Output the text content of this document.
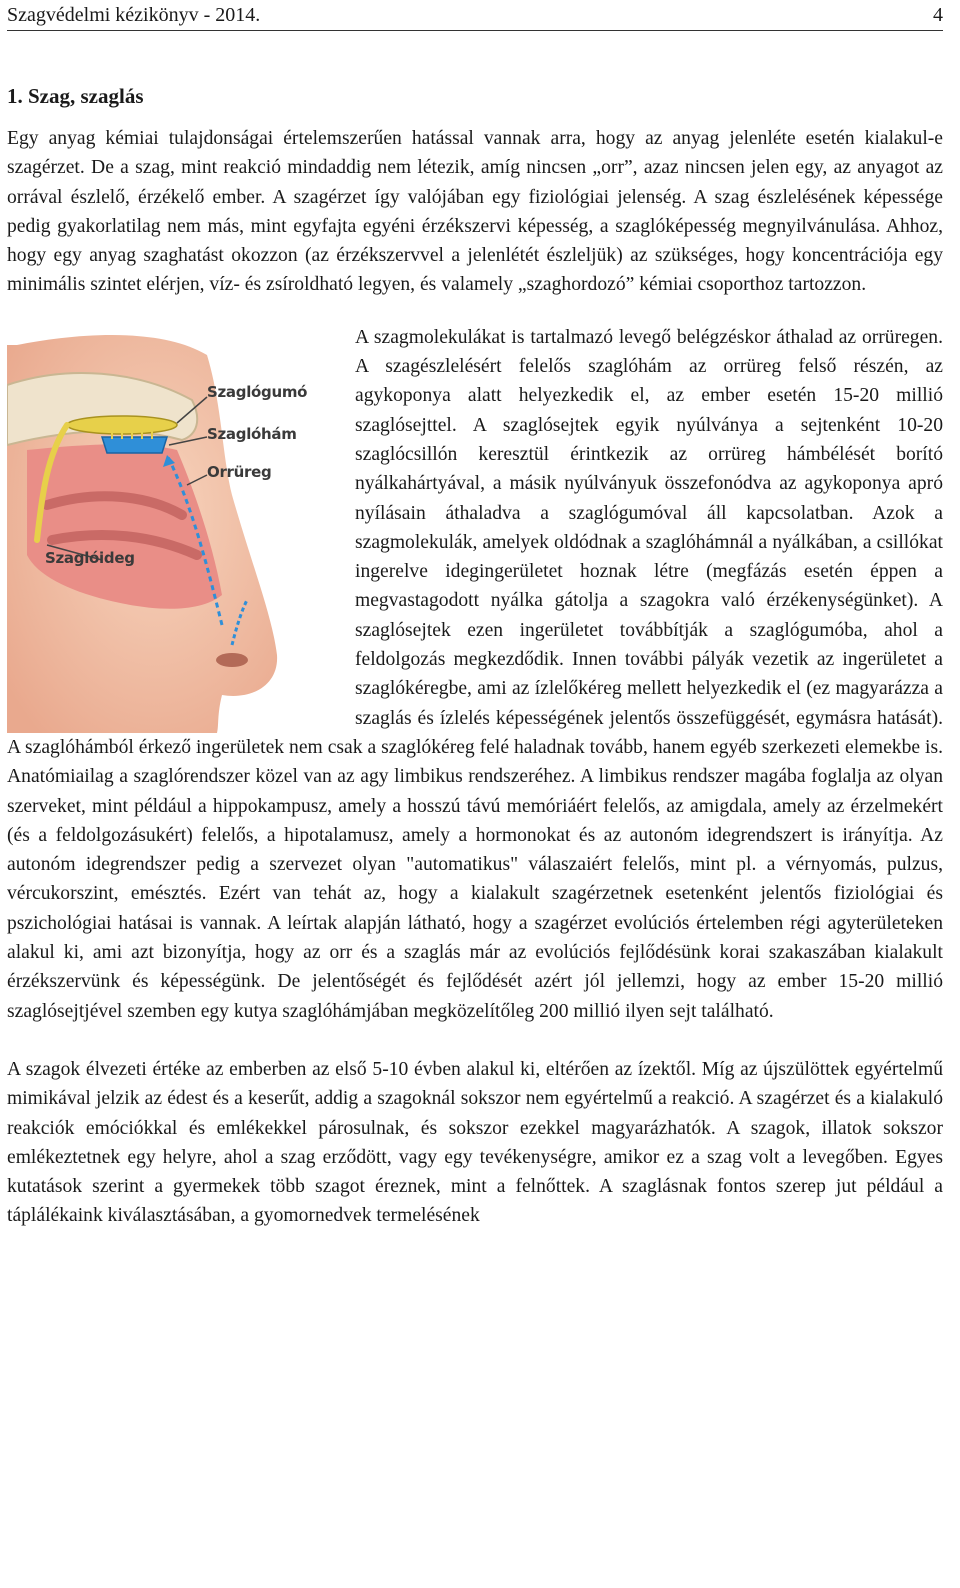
Szagvédelmi kézikönyv - 2014.	4
1. Szag, szaglás

Egy anyag kémiai tulajdonságai értelemszerűen hatással vannak arra, hogy az anyag jelenléte esetén kialakul-e szagérzet. De a szag, mint reakció mindaddig nem létezik, amíg nincsen „orr”, azaz nincsen jelen egy, az anyagot az orrával észlelő, érzékelő ember. A szagérzet így valójában egy fiziológiai jelenség. A szag észlelésének képessége pedig gyakorlatilag nem más, mint egyfajta egyéni érzékszervi képesség, a szaglóképesség megnyilvánulása. Ahhoz, hogy egy anyag szaghatást okozzon (az érzékszervvel a jelenlétét észleljük) az szükséges, hogy koncentrációja egy minimális szintet elérjen, víz- és zsíroldható legyen, és valamely „szaghordozó” kémiai csoporthoz tartozzon.

Szaglógumó
Szaglóhám
Orrüreg
Szaglóideg

A szagmolekulákat is tartalmazó levegő belégzéskor áthalad az orrüregen. A szagészlelésért felelős szaglóhám az orrüreg felső részén, az agykoponya alatt helyezkedik el, az ember esetén 15-20 millió szaglósejttel. A szaglósejtek egyik nyúlványa a sejtenként 10-20 szaglócsillón keresztül érintkezik az orrüreg hámbélését borító nyálkahártyával, a másik nyúlványuk összefonódva az agykoponya apró nyílásain áthaladva a szaglógumóval áll kapcsolatban. Azok a szagmolekulák, amelyek oldódnak a szaglóhámnál a nyálkában, a csillókat ingerelve idegingerületet hoznak létre (megfázás esetén éppen a megvastagodott nyálka gátolja a szagokra való érzékenységünket). A szaglósejtek ezen ingerületet továbbítják a szaglógumóba, ahol a feldolgozás megkezdődik. Innen további pályák vezetik az ingerületet a szaglókéregbe, ami az ízlelőkéreg mellett helyezkedik el (ez magyarázza a szaglás és ízlelés képességének jelentős összefüggését, egymásra hatását). A szaglóhámból érkező ingerületek nem csak a szaglókéreg felé haladnak tovább, hanem egyéb szerkezeti elemekbe is. Anatómiailag a szaglórendszer közel van az agy limbikus rendszeréhez. A limbikus rendszer magába foglalja az olyan szerveket, mint például a hippokampusz, amely a hosszú távú memóriáért felelős, az amigdala, amely az érzelmekért (és a feldolgozásukért) felelős, a hipotalamusz, amely a hormonokat és az autonóm idegrendszert is irányítja. Az autonóm idegrendszer pedig a szervezet olyan "automatikus" válaszaiért felelős, mint pl. a vérnyomás, pulzus, vércukorszint, emésztés. Ezért van tehát az, hogy a kialakult szagérzetnek esetenként jelentős fiziológiai és pszichológiai hatásai is vannak. A leírtak alapján látható, hogy a szagérzet evolúciós értelemben régi agyterületeken alakul ki, ami azt bizonyítja, hogy az orr és a szaglás már az evolúciós fejlődésünk korai szakaszában kialakult érzékszervünk és képességünk. De jelentőségét és fejlődését azért jól jellemzi, hogy az ember 15-20 millió szaglósejtjével szemben egy kutya szaglóhámjában megközelítőleg 200 millió ilyen sejt található.

A szagok élvezeti értéke az emberben az első 5-10 évben alakul ki, eltérően az ízektől. Míg az újszülöttek egyértelmű mimikával jelzik az édest és a keserűt, addig a szagoknál sokszor nem egyértelmű a reakció. A szagérzet és a kialakuló reakciók emóciókkal és emlékekkel párosulnak, és sokszor ezekkel magyarázhatók. A szagok, illatok sokszor emlékeztetnek egy helyre, ahol a szag erződött, vagy egy tevékenységre, amikor ez a szag volt a levegőben. Egyes kutatások szerint a gyermekek több szagot éreznek, mint a felnőttek. A szaglásnak fontos szerep jut például a táplálékaink kiválasztásában, a gyomornedvek termelésének
